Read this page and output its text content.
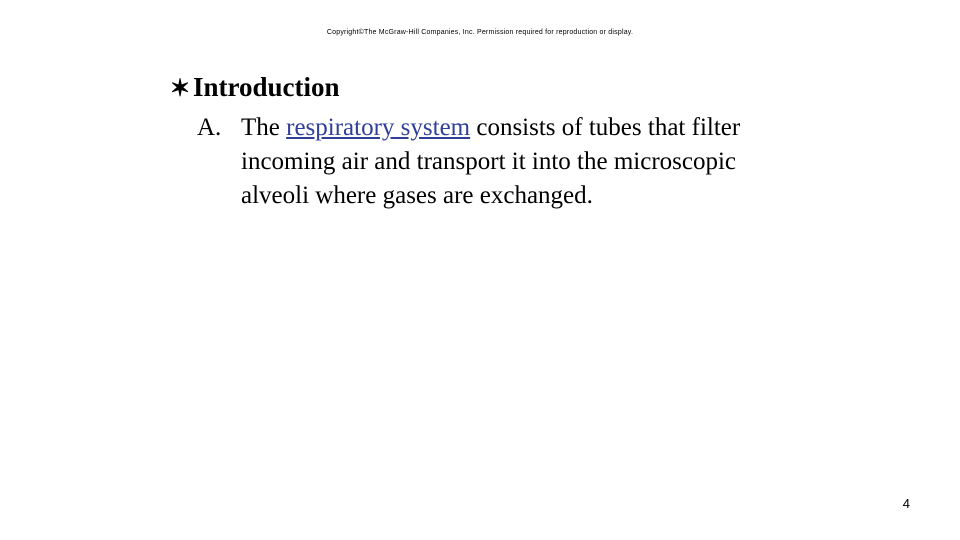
Copyright©The McGraw-Hill Companies, Inc. Permission required for reproduction or display.
✶ Introduction
A. The respiratory system consists of tubes that filter incoming air and transport it into the microscopic alveoli where gases are exchanged.
4
